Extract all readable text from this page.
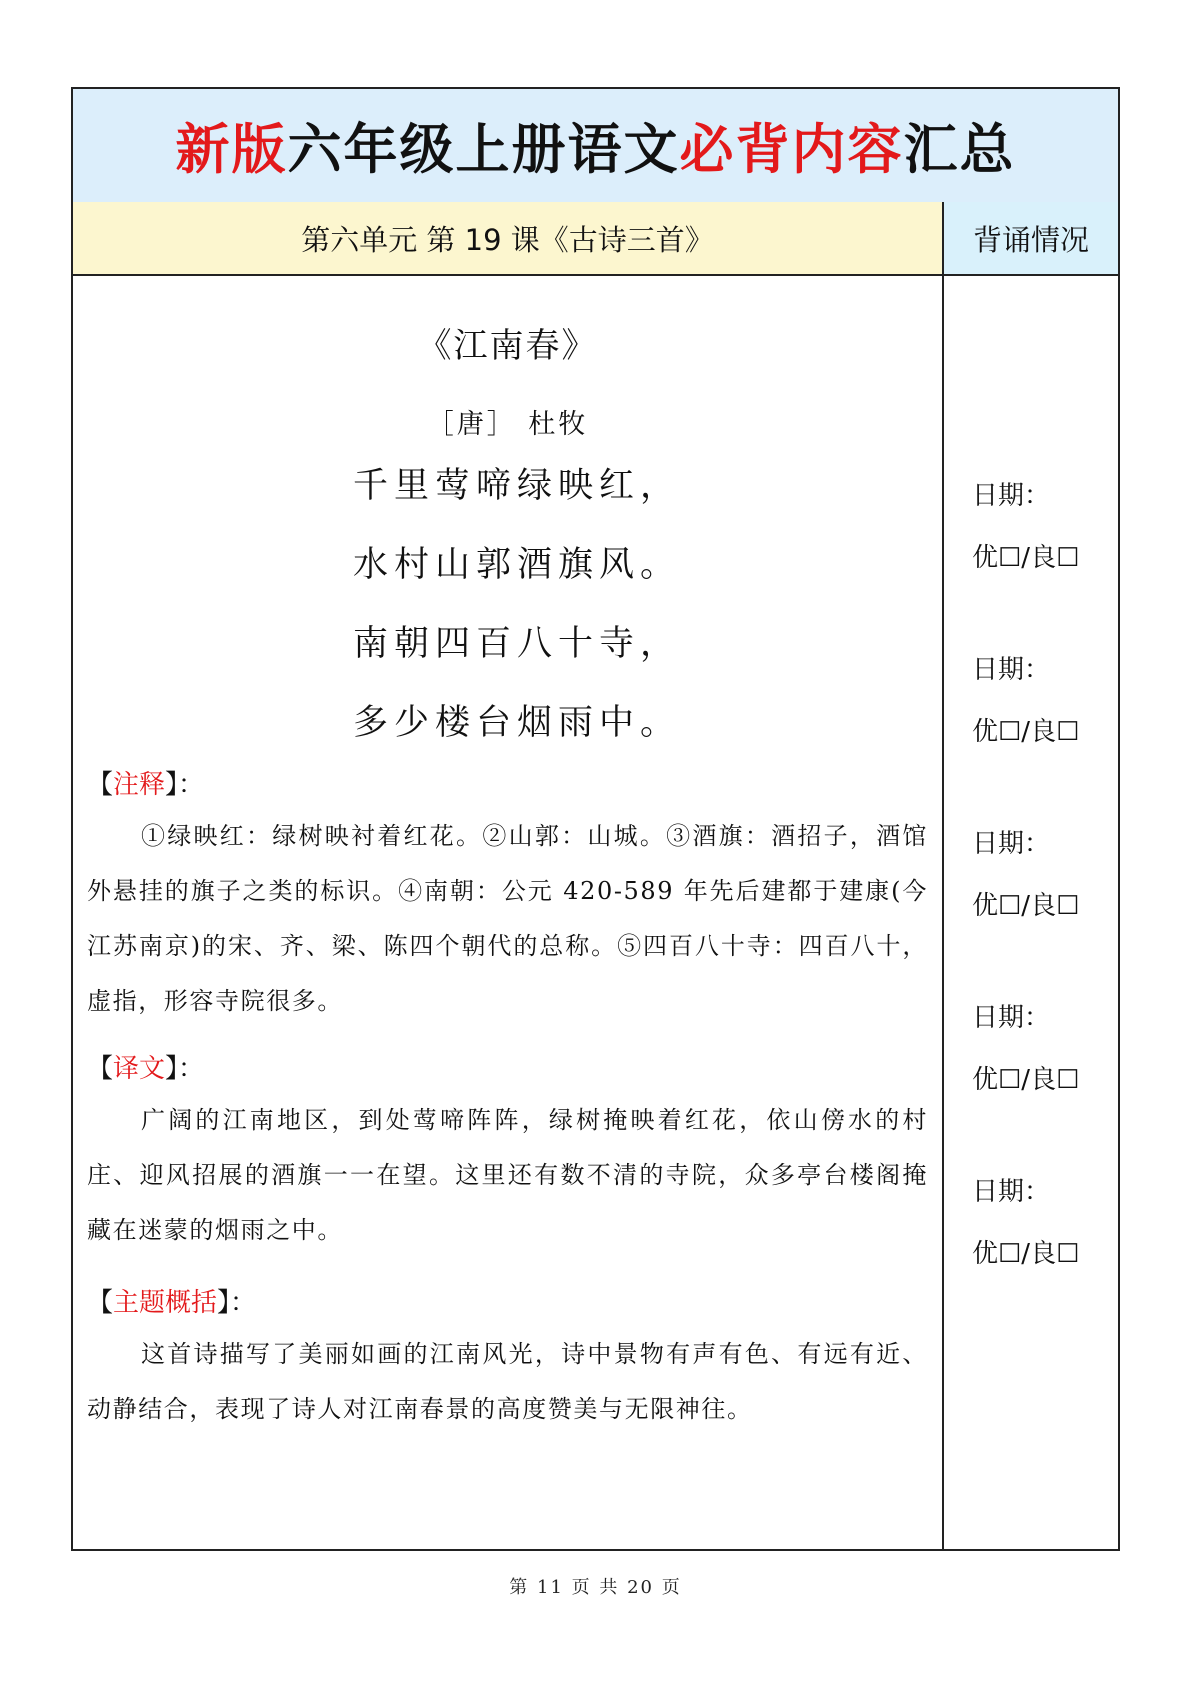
新版 六年级上册语文 必背内容 汇总
第六单元 第 19 课《古诗三首》	背诵情况
《江南春》
［唐］ 杜牧
千里莺啼绿映红，
水村山郭酒旗风。
南朝四百八十寺，
多少楼台烟雨中。
【注释】：
①绿映红：绿树映衬着红花。②山郭：山城。③酒旗：酒招子，酒馆外悬挂的旗子之类的标识。④南朝：公元 420-589 年先后建都于建康(今江苏南京)的宋、齐、梁、陈四个朝代的总称。⑤四百八十寺：四百八十，虚指，形容寺院很多。
【译文】：
广阔的江南地区，到处莺啼阵阵，绿树掩映着红花，依山傍水的村庄、迎风招展的酒旗一一在望。这里还有数不清的寺院，众多亭台楼阁掩藏在迷蒙的烟雨之中。
【主题概括】：
这首诗描写了美丽如画的江南风光，诗中景物有声有色、有远有近、动静结合，表现了诗人对江南春景的高度赞美与无限神往。
日期：
优☐/良☐
日期：
优☐/良☐
日期：
优☐/良☐
日期：
优☐/良☐
日期：
优☐/良☐
第 11 页 共 20 页
